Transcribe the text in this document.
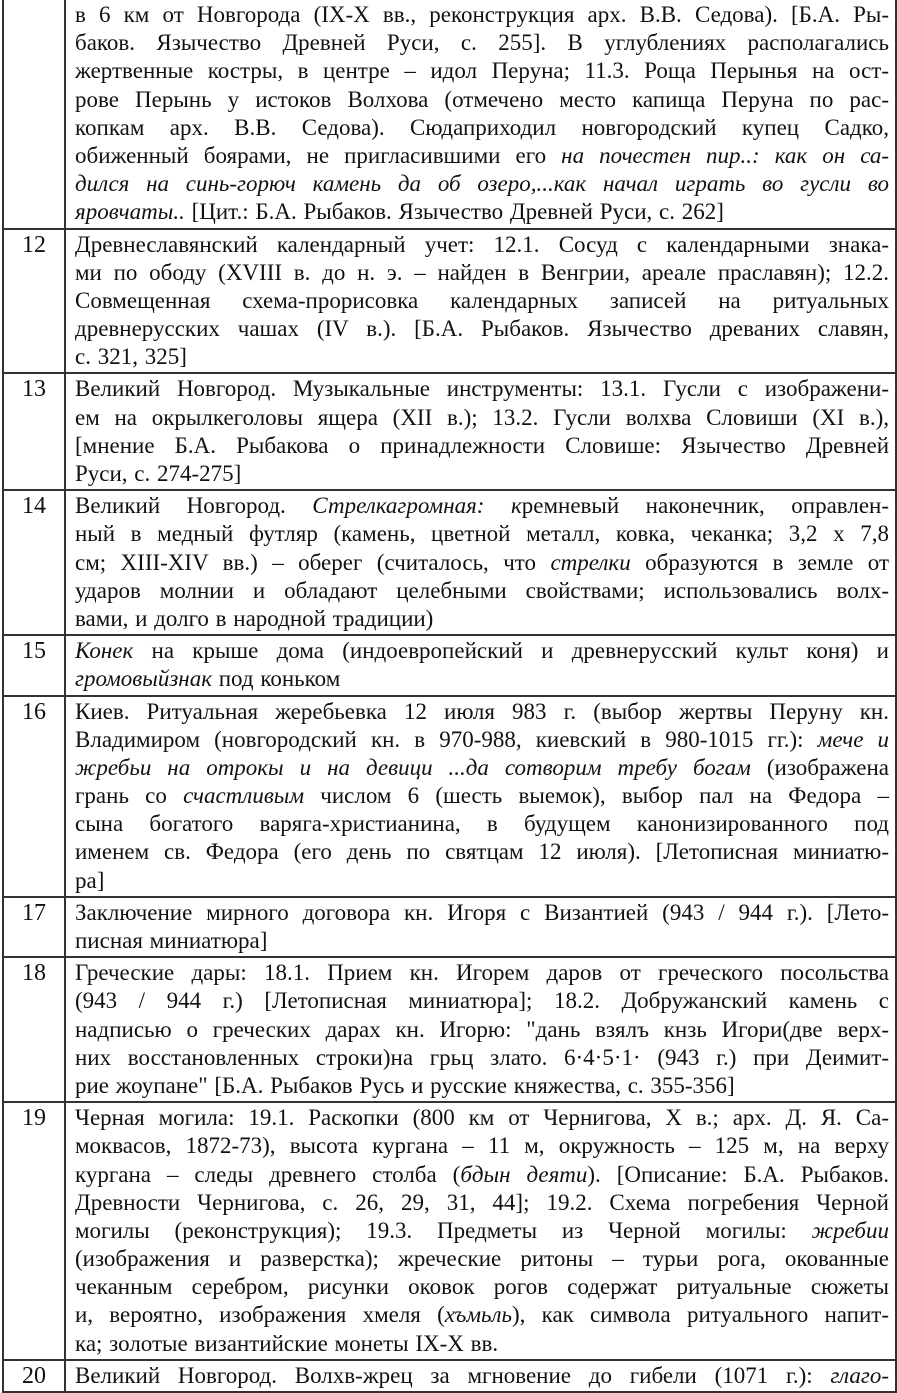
в 6 км от Новгорода (IX-X вв., реконструкция арх. В.В. Седова). [Б.А. Ры-
баков. Язычество Древней Руси, с. 255]. В углублениях располагались
жертвенные костры, в центре – идол Перуна; 11.3. Роща Перынья на ост-
рове Перынь у истоков Волхова (отмечено место капища Перуна по рас-
копкам арх. В.В. Седова). Сюдаприходил новгородский купец Садко,
обиженный боярами, не пригласившими его на почестен пир..: как он са-
дился на синь-горюч камень да об озеро,...как начал играть во гусли во
яровчаты.. [Цит.: Б.А. Рыбаков. Язычество Древней Руси, с. 262]
12	Древнеславянский календарный учет: 12.1. Сосуд с календарными знака-
ми по ободу (XVIII в. до н. э. – найден в Венгрии, ареале праславян); 12.2.
Совмещенная схема-прорисовка календарных записей на ритуальных
древнерусских чашах (IV в.). [Б.А. Рыбаков. Язычество древаних славян,
с. 321, 325]
13	Великий Новгород. Музыкальные инструменты: 13.1. Гусли с изображени-
ем на окрылкеголовы ящера (XII в.); 13.2. Гусли волхва Словиши (XI в.),
[мнение Б.А. Рыбакова о принадлежности Словише: Язычество Древней
Руси, с. 274-275]
14	Великий Новгород. Стрелкагромная: кремневый наконечник, оправлен-
ный в медный футляр (камень, цветной металл, ковка, чеканка; 3,2 х 7,8
см; XIII-XIV вв.) – оберег (считалось, что стрелки образуются в земле от
ударов молнии и обладают целебными свойствами; использовались волх-
вами, и долго в народной традиции)
15	Конек на крыше дома (индоевропейский и древнерусский культ коня) и
громовыйзнак под коньком
16	Киев. Ритуальная жеребьевка 12 июля 983 г. (выбор жертвы Перуну кн.
Владимиром (новгородский кн. в 970-988, киевский в 980-1015 гг.): мече и
жребьи на отрокы и на девици ...да сотворим требу богам (изображена
грань со счастливым числом 6 (шесть выемок), выбор пал на Федора –
сына богатого варяга-христианина, в будущем канонизированного под
именем св. Федора (его день по святцам 12 июля). [Летописная миниатю-
ра]
17	Заключение мирного договора кн. Игоря с Византией (943 / 944 г.). [Лето-
писная миниатюра]
18	Греческие дары: 18.1. Прием кн. Игорем даров от греческого посольства
(943 / 944 г.) [Летописная миниатюра]; 18.2. Добружанский камень с
надписью о греческих дарах кн. Игорю: "дань взялъ кнзь Игори(две верх-
них восстановленных строки)на грьц злато. 6·4·5·1· (943 г.) при Деимит-
рие жоупане" [Б.А. Рыбаков Русь и русские княжества, с. 355-356]
19	Черная могила: 19.1. Раскопки (800 км от Чернигова, X в.; арх. Д. Я. Са-
моквасов, 1872-73), высота кургана – 11 м, окружность – 125 м, на верху
кургана – следы древнего столба (бдын деяти). [Описание: Б.А. Рыбаков.
Древности Чернигова, с. 26, 29, 31, 44]; 19.2. Схема погребения Черной
могилы (реконструкция); 19.3. Предметы из Черной могилы: жребии
(изображения и разверстка); жреческие ритоны – турьи рога, окованные
чеканным серебром, рисунки оковок рогов содержат ритуальные сюжеты
и, вероятно, изображения хмеля (хъмьль), как символа ритуального напит-
ка; золотые византийские монеты IX-X вв.
20	Великий Новгород. Волхв-жрец за мгновение до гибели (1071 г.): глаго-
